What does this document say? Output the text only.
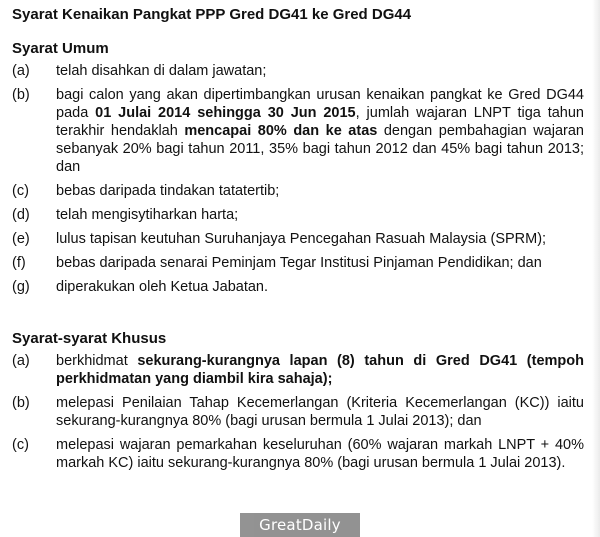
Syarat Kenaikan Pangkat PPP Gred DG41 ke Gred DG44
Syarat Umum
(a)	telah disahkan di dalam jawatan;
(b)	bagi calon yang akan dipertimbangkan urusan kenaikan pangkat ke Gred DG44 pada 01 Julai 2014 sehingga 30 Jun 2015, jumlah wajaran LNPT tiga tahun terakhir hendaklah mencapai 80% dan ke atas dengan pembahagian wajaran sebanyak 20% bagi tahun 2011, 35% bagi tahun 2012 dan 45% bagi tahun 2013; dan
(c)	bebas daripada tindakan tatatertib;
(d)	telah mengisytiharkan harta;
(e)	lulus tapisan keutuhan Suruhanjaya Pencegahan Rasuah Malaysia (SPRM);
(f)	bebas daripada senarai Peminjam Tegar Institusi Pinjaman Pendidikan; dan
(g)	diperakukan oleh Ketua Jabatan.
Syarat-syarat Khusus
(a)	berkhidmat sekurang-kurangnya lapan (8) tahun di Gred DG41 (tempoh perkhidmatan yang diambil kira sahaja);
(b)	melepasi Penilaian Tahap Kecemerlangan (Kriteria Kecemerlangan (KC)) iaitu sekurang-kurangnya 80% (bagi urusan bermula 1 Julai 2013); dan
(c)	melepasi wajaran pemarkahan keseluruhan (60% wajaran markah LNPT + 40% markah KC) iaitu sekurang-kurangnya 80% (bagi urusan bermula 1 Julai 2013).
GreatDaily
